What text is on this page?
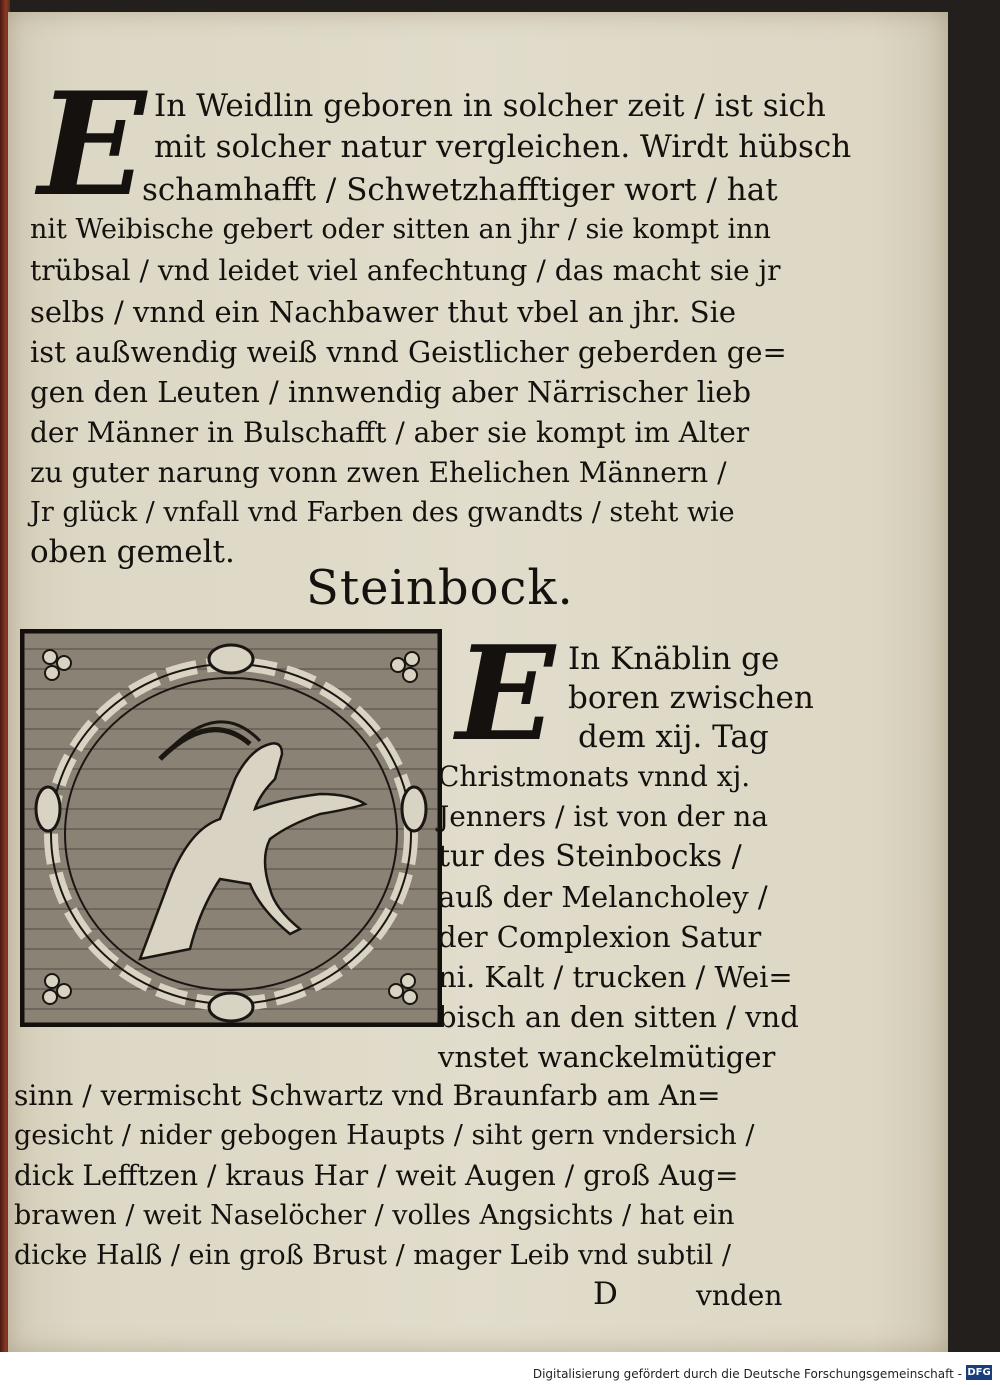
E In Weidlin geboren in solcher zeit / ist sich
mit solcher natur vergleichen. Wirdt hübsch
schamhafft / Schwetzhafftiger wort / hat
nit Weibische gebert oder sitten an jhr / sie kompt inn
trübsal / vnd leidet viel anfechtung / das macht sie jr
selbs / vnnd ein Nachbawer thut vbel an jhr. Sie
ist außwendig weiß vnnd Geistlicher geberden ge=
gen den Leuten / innwendig aber Närrischer lieb
der Männer in Bulschafft / aber sie kompt im Alter
zu guter narung vonn zwen Ehelichen Männern /
Jr glück / vnfall vnd Farben des gwandts / steht wie
oben gemelt.
Steinbock.
E In Knäblin ge
boren zwischen
dem xij. Tag
Christmonats vnnd xj.
Jenners / ist von der na
tur des Steinbocks /
auß der Melancholey /
der Complexion Satur
ni. Kalt / trucken / Wei=
bisch an den sitten / vnd
vnstet wanckelmütiger
sinn / vermischt Schwartz vnd Braunfarb am An=
gesicht / nider gebogen Haupts / siht gern vndersich /
dick Lefftzen / kraus Har / weit Augen / groß Aug=
brawen / weit Naselöcher / volles Angsichts / hat ein
dicke Halß / ein groß Brust / mager Leib vnd subtil /
D	vnden
Digitalisierung gefördert durch die Deutsche Forschungsgemeinschaft - DFG
